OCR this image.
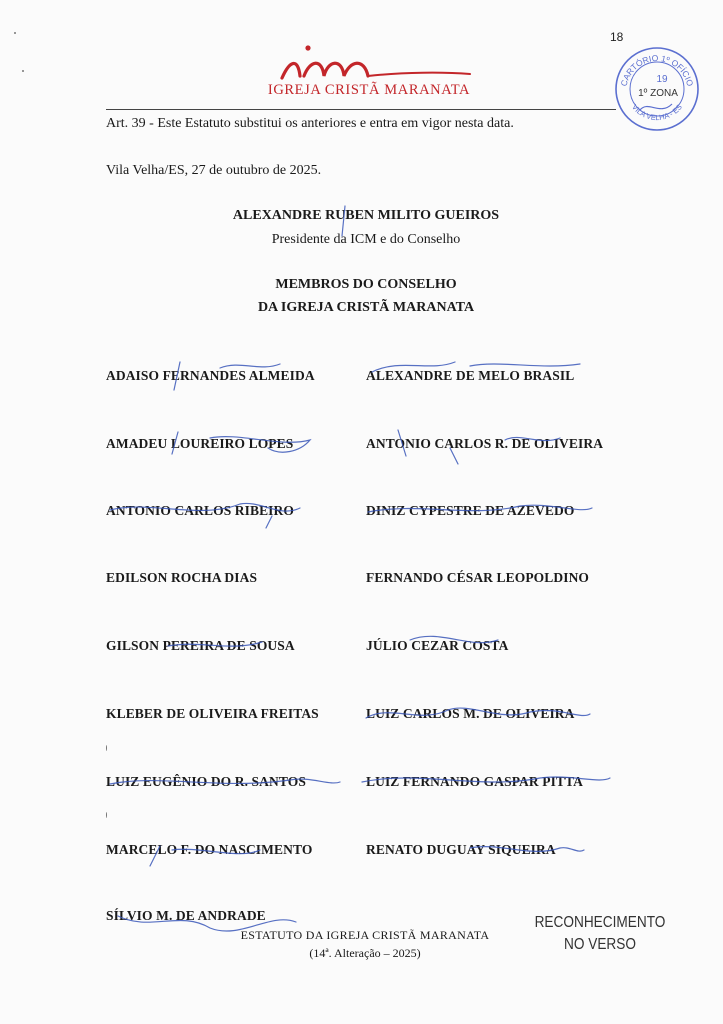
18
IGREJA CRISTÃ MARANATA	CARTÓRIO 1º OFÍCIO
VILA VELHA - ES
19
1º ZONA
Art. 39 - Este Estatuto substitui os anteriores e entra em vigor nesta data.
Vila Velha/ES, 27 de outubro de 2025.
ALEXANDRE RUBEN MILITO GUEIROS
Presidente da ICM e do Conselho
MEMBROS DO CONSELHO
DA IGREJA CRISTÃ MARANATA
ADAISO FERNANDES ALMEIDA	ALEXANDRE DE MELO BRASIL
AMADEU LOUREIRO LOPES	ANTONIO CARLOS R. DE OLIVEIRA
ANTONIO CARLOS RIBEIRO	DINIZ CYPESTRE DE AZEVEDO
EDILSON ROCHA DIAS	FERNANDO CÉSAR LEOPOLDINO
GILSON PEREIRA DE SOUSA	JÚLIO CEZAR COSTA
KLEBER DE OLIVEIRA FREITAS	LUIZ CARLOS M. DE OLIVEIRA
LUIZ EUGÊNIO DO R. SANTOS	LUIZ FERNANDO GASPAR PITTA
MARCELO F. DO NASCIMENTO	RENATO DUGUAY SIQUEIRA
SÍLVIO M. DE ANDRADE
ESTATUTO DA IGREJA CRISTÃ MARANATA
(14ª. Alteração – 2025)
RECONHECIMENTO
NO VERSO
